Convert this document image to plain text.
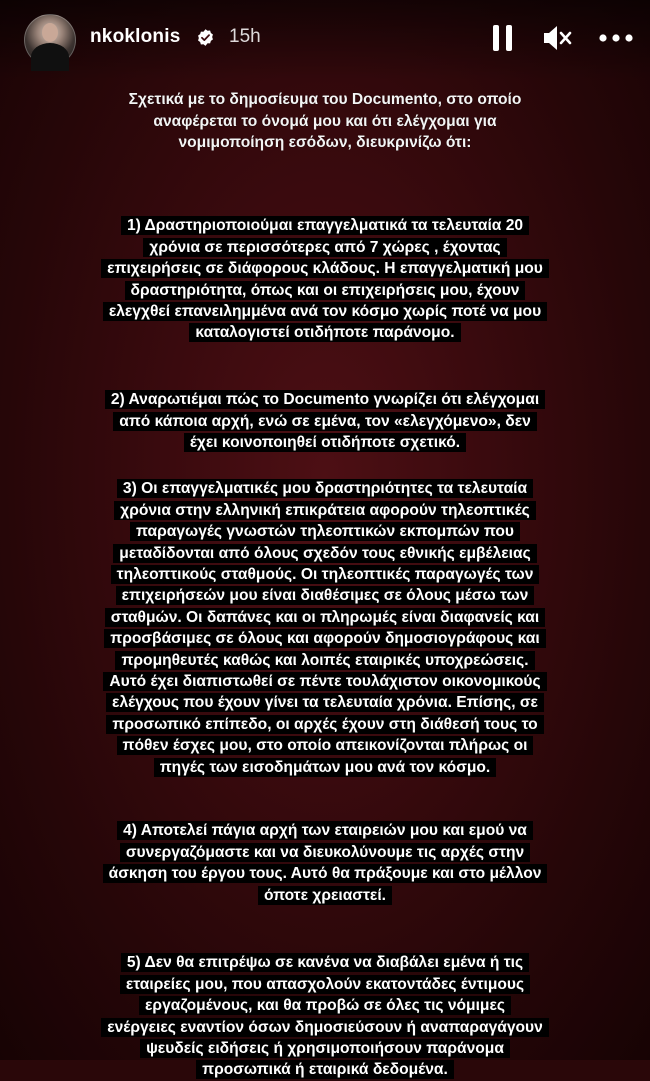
nkoklonis	15h

Σχετικά με το δημοσίευμα του Documento, στο οποίο
αναφέρεται το όνομά μου και ότι ελέγχομαι για
νομιμοποίηση εσόδων, διευκρινίζω ότι:

1) Δραστηριοποιούμαι επαγγελματικά τα τελευταία 20
χρόνια σε περισσότερες από 7 χώρες , έχοντας
επιχειρήσεις σε διάφορους κλάδους. Η επαγγελματική μου
δραστηριότητα, όπως και οι επιχειρήσεις μου, έχουν
ελεγχθεί επανειλημμένα ανά τον κόσμο χωρίς ποτέ να μου
καταλογιστεί οτιδήποτε παράνομο.

2) Αναρωτιέμαι πώς το Documento γνωρίζει ότι ελέγχομαι
από κάποια αρχή, ενώ σε εμένα, τον «ελεγχόμενο», δεν
έχει κοινοποιηθεί οτιδήποτε σχετικό.

3) Οι επαγγελματικές μου δραστηριότητες τα τελευταία
χρόνια στην ελληνική επικράτεια αφορούν τηλεοπτικές
παραγωγές γνωστών τηλεοπτικών εκπομπών που
μεταδίδονται από όλους σχεδόν τους εθνικής εμβέλειας
τηλεοπτικούς σταθμούς. Οι τηλεοπτικές παραγωγές των
επιχειρήσεών μου είναι διαθέσιμες σε όλους μέσω των
σταθμών. Οι δαπάνες και οι πληρωμές είναι διαφανείς και
προσβάσιμες σε όλους και αφορούν δημοσιογράφους και
προμηθευτές καθώς και λοιπές εταιρικές υποχρεώσεις.
Αυτό έχει διαπιστωθεί σε πέντε τουλάχιστον οικονομικούς
ελέγχους που έχουν γίνει τα τελευταία χρόνια. Επίσης, σε
προσωπικό επίπεδο, οι αρχές έχουν στη διάθεσή τους το
πόθεν έσχες μου, στο οποίο απεικονίζονται πλήρως οι
πηγές των εισοδημάτων μου ανά τον κόσμο.

4) Αποτελεί πάγια αρχή των εταιρειών μου και εμού να
συνεργαζόμαστε και να διευκολύνουμε τις αρχές στην
άσκηση του έργου τους. Αυτό θα πράξουμε και στο μέλλον
όποτε χρειαστεί.

5) Δεν θα επιτρέψω σε κανένα να διαβάλει εμένα ή τις
εταιρείες μου, που απασχολούν εκατοντάδες έντιμους
εργαζομένους, και θα προβώ σε όλες τις νόμιμες
ενέργειες εναντίον όσων δημοσιεύσουν ή αναπαραγάγουν
ψευδείς ειδήσεις ή χρησιμοποιήσουν παράνομα
προσωπικά ή εταιρικά δεδομένα.
